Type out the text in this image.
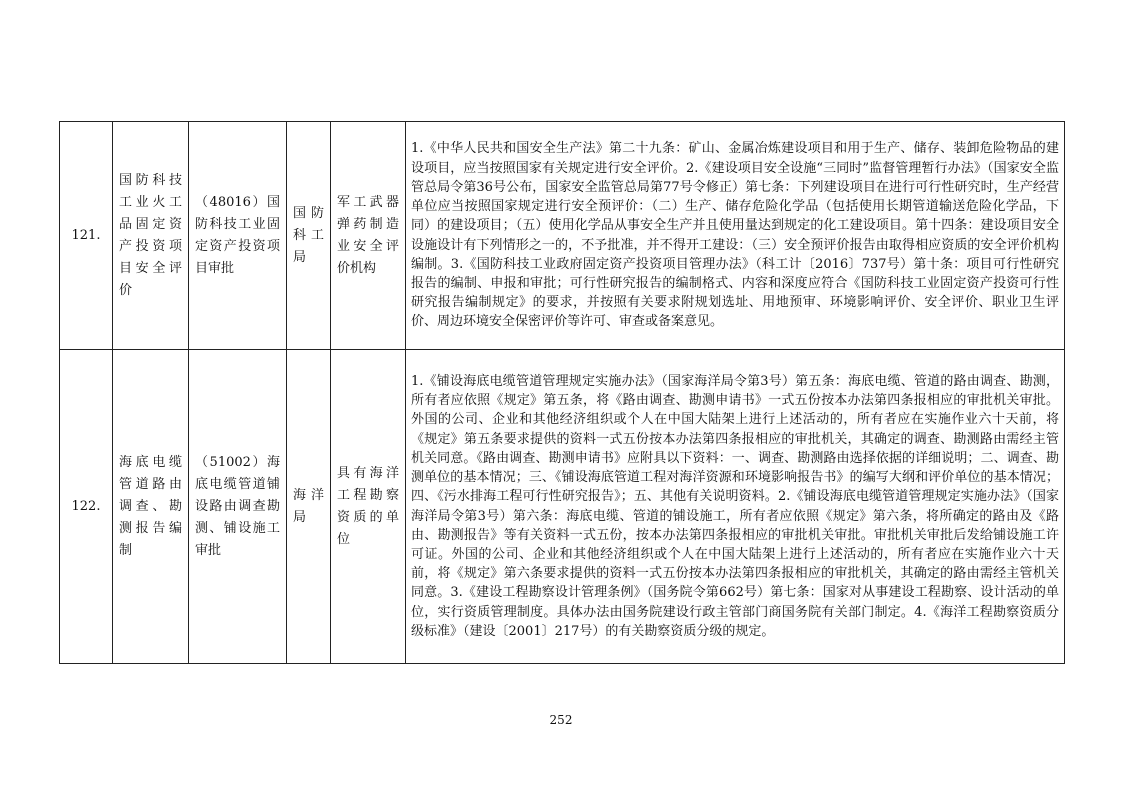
121.	国防科技工业火工品固定资产投资项目安全评价	（48016）国防科技工业固定资产投资项目审批	国防科工局	军工武器弹药制造业安全评价机构	1.《中华人民共和国安全生产法》第二十九条：矿山、金属冶炼建设项目和用于生产、储存、装卸危险物品的建设项目，应当按照国家有关规定进行安全评价。2.《建设项目安全设施“三同时”监督管理暂行办法》（国家安全监管总局令第36号公布，国家安全监管总局第77号令修正）第七条：下列建设项目在进行可行性研究时，生产经营单位应当按照国家规定进行安全预评价：（二）生产、储存危险化学品（包括使用长期管道输送危险化学品，下同）的建设项目；（五）使用化学品从事安全生产并且使用量达到规定的化工建设项目。第十四条：建设项目安全设施设计有下列情形之一的，不予批准，并不得开工建设：（三）安全预评价报告由取得相应资质的安全评价机构编制。3.《国防科技工业政府固定资产投资项目管理办法》（科工计〔2016〕737号）第十条：项目可行性研究报告的编制、申报和审批；可行性研究报告的编制格式、内容和深度应符合《国防科技工业固定资产投资可行性研究报告编制规定》的要求，并按照有关要求附规划选址、用地预审、环境影响评价、安全评价、职业卫生评价、周边环境安全保密评价等许可、审查或备案意见。
122.	海底电缆管道路由调查、勘测报告编制	（51002）海底电缆管道铺设路由调查勘测、铺设施工审批	海洋局	具有海洋工程勘察资质的单位	1.《铺设海底电缆管道管理规定实施办法》（国家海洋局令第3号）第五条：海底电缆、管道的路由调查、勘测，所有者应依照《规定》第五条，将《路由调查、勘测申请书》一式五份按本办法第四条报相应的审批机关审批。外国的公司、企业和其他经济组织或个人在中国大陆架上进行上述活动的，所有者应在实施作业六十天前，将《规定》第五条要求提供的资料一式五份按本办法第四条报相应的审批机关，其确定的调查、勘测路由需经主管机关同意。《路由调查、勘测申请书》应附具以下资料：一、调查、勘测路由选择依据的详细说明；二、调查、勘测单位的基本情况；三、《铺设海底管道工程对海洋资源和环境影响报告书》的编写大纲和评价单位的基本情况；四、《污水排海工程可行性研究报告》；五、其他有关说明资料。2.《铺设海底电缆管道管理规定实施办法》（国家海洋局令第3号）第六条：海底电缆、管道的铺设施工，所有者应依照《规定》第六条，将所确定的路由及《路由、勘测报告》等有关资料一式五份，按本办法第四条报相应的审批机关审批。审批机关审批后发给铺设施工许可证。外国的公司、企业和其他经济组织或个人在中国大陆架上进行上述活动的，所有者应在实施作业六十天前，将《规定》第六条要求提供的资料一式五份按本办法第四条报相应的审批机关，其确定的路由需经主管机关同意。3.《建设工程勘察设计管理条例》（国务院令第662号）第七条：国家对从事建设工程勘察、设计活动的单位，实行资质管理制度。具体办法由国务院建设行政主管部门商国务院有关部门制定。4.《海洋工程勘察资质分级标准》（建设〔2001〕217号）的有关勘察资质分级的规定。
252
